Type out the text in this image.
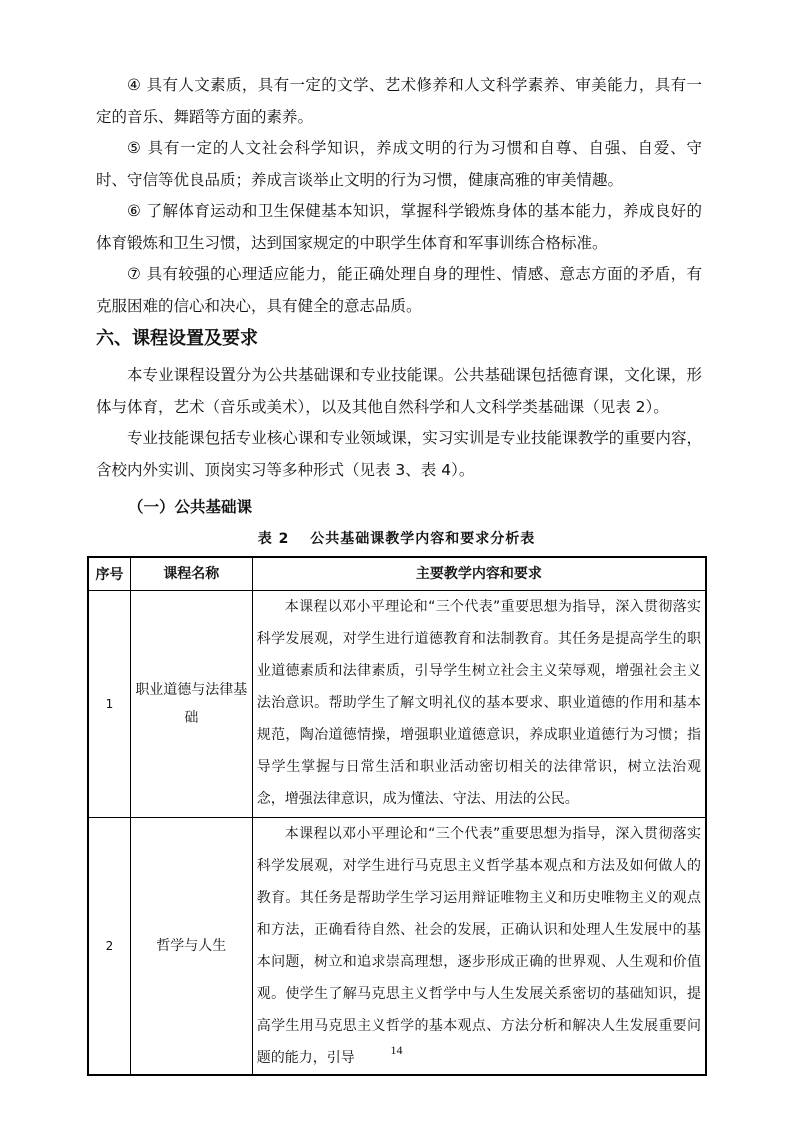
④ 具有人文素质，具有一定的文学、艺术修养和人文科学素养、审美能力，具有一定的音乐、舞蹈等方面的素养。

⑤ 具有一定的人文社会科学知识，养成文明的行为习惯和自尊、自强、自爱、守时、守信等优良品质；养成言谈举止文明的行为习惯，健康高雅的审美情趣。

⑥ 了解体育运动和卫生保健基本知识，掌握科学锻炼身体的基本能力，养成良好的体育锻炼和卫生习惯，达到国家规定的中职学生体育和军事训练合格标准。

⑦ 具有较强的心理适应能力，能正确处理自身的理性、情感、意志方面的矛盾，有克服困难的信心和决心，具有健全的意志品质。

六、课程设置及要求

本专业课程设置分为公共基础课和专业技能课。公共基础课包括德育课，文化课，形体与体育，艺术（音乐或美术），以及其他自然科学和人文科学类基础课（见表 2）。

专业技能课包括专业核心课和专业领域课，实习实训是专业技能课教学的重要内容，含校内外实训、顶岗实习等多种形式（见表 3、表 4）。

（一）公共基础课

表 2　 公共基础课教学内容和要求分析表

序号	课程名称	主要教学内容和要求
1	职业道德与法律基础	本课程以邓小平理论和“三个代表”重要思想为指导，深入贯彻落实科学发展观，对学生进行道德教育和法制教育。其任务是提高学生的职业道德素质和法律素质，引导学生树立社会主义荣辱观，增强社会主义法治意识。帮助学生了解文明礼仪的基本要求、职业道德的作用和基本规范，陶冶道德情操，增强职业道德意识，养成职业道德行为习惯；指导学生掌握与日常生活和职业活动密切相关的法律常识，树立法治观念，增强法律意识，成为懂法、守法、用法的公民。
2	哲学与人生	本课程以邓小平理论和“三个代表”重要思想为指导，深入贯彻落实科学发展观，对学生进行马克思主义哲学基本观点和方法及如何做人的教育。其任务是帮助学生学习运用辩证唯物主义和历史唯物主义的观点和方法，正确看待自然、社会的发展，正确认识和处理人生发展中的基本问题，树立和追求崇高理想，逐步形成正确的世界观、人生观和价值观。使学生了解马克思主义哲学中与人生发展关系密切的基础知识，提高学生用马克思主义哲学的基本观点、方法分析和解决人生发展重要问题的能力，引导	14
